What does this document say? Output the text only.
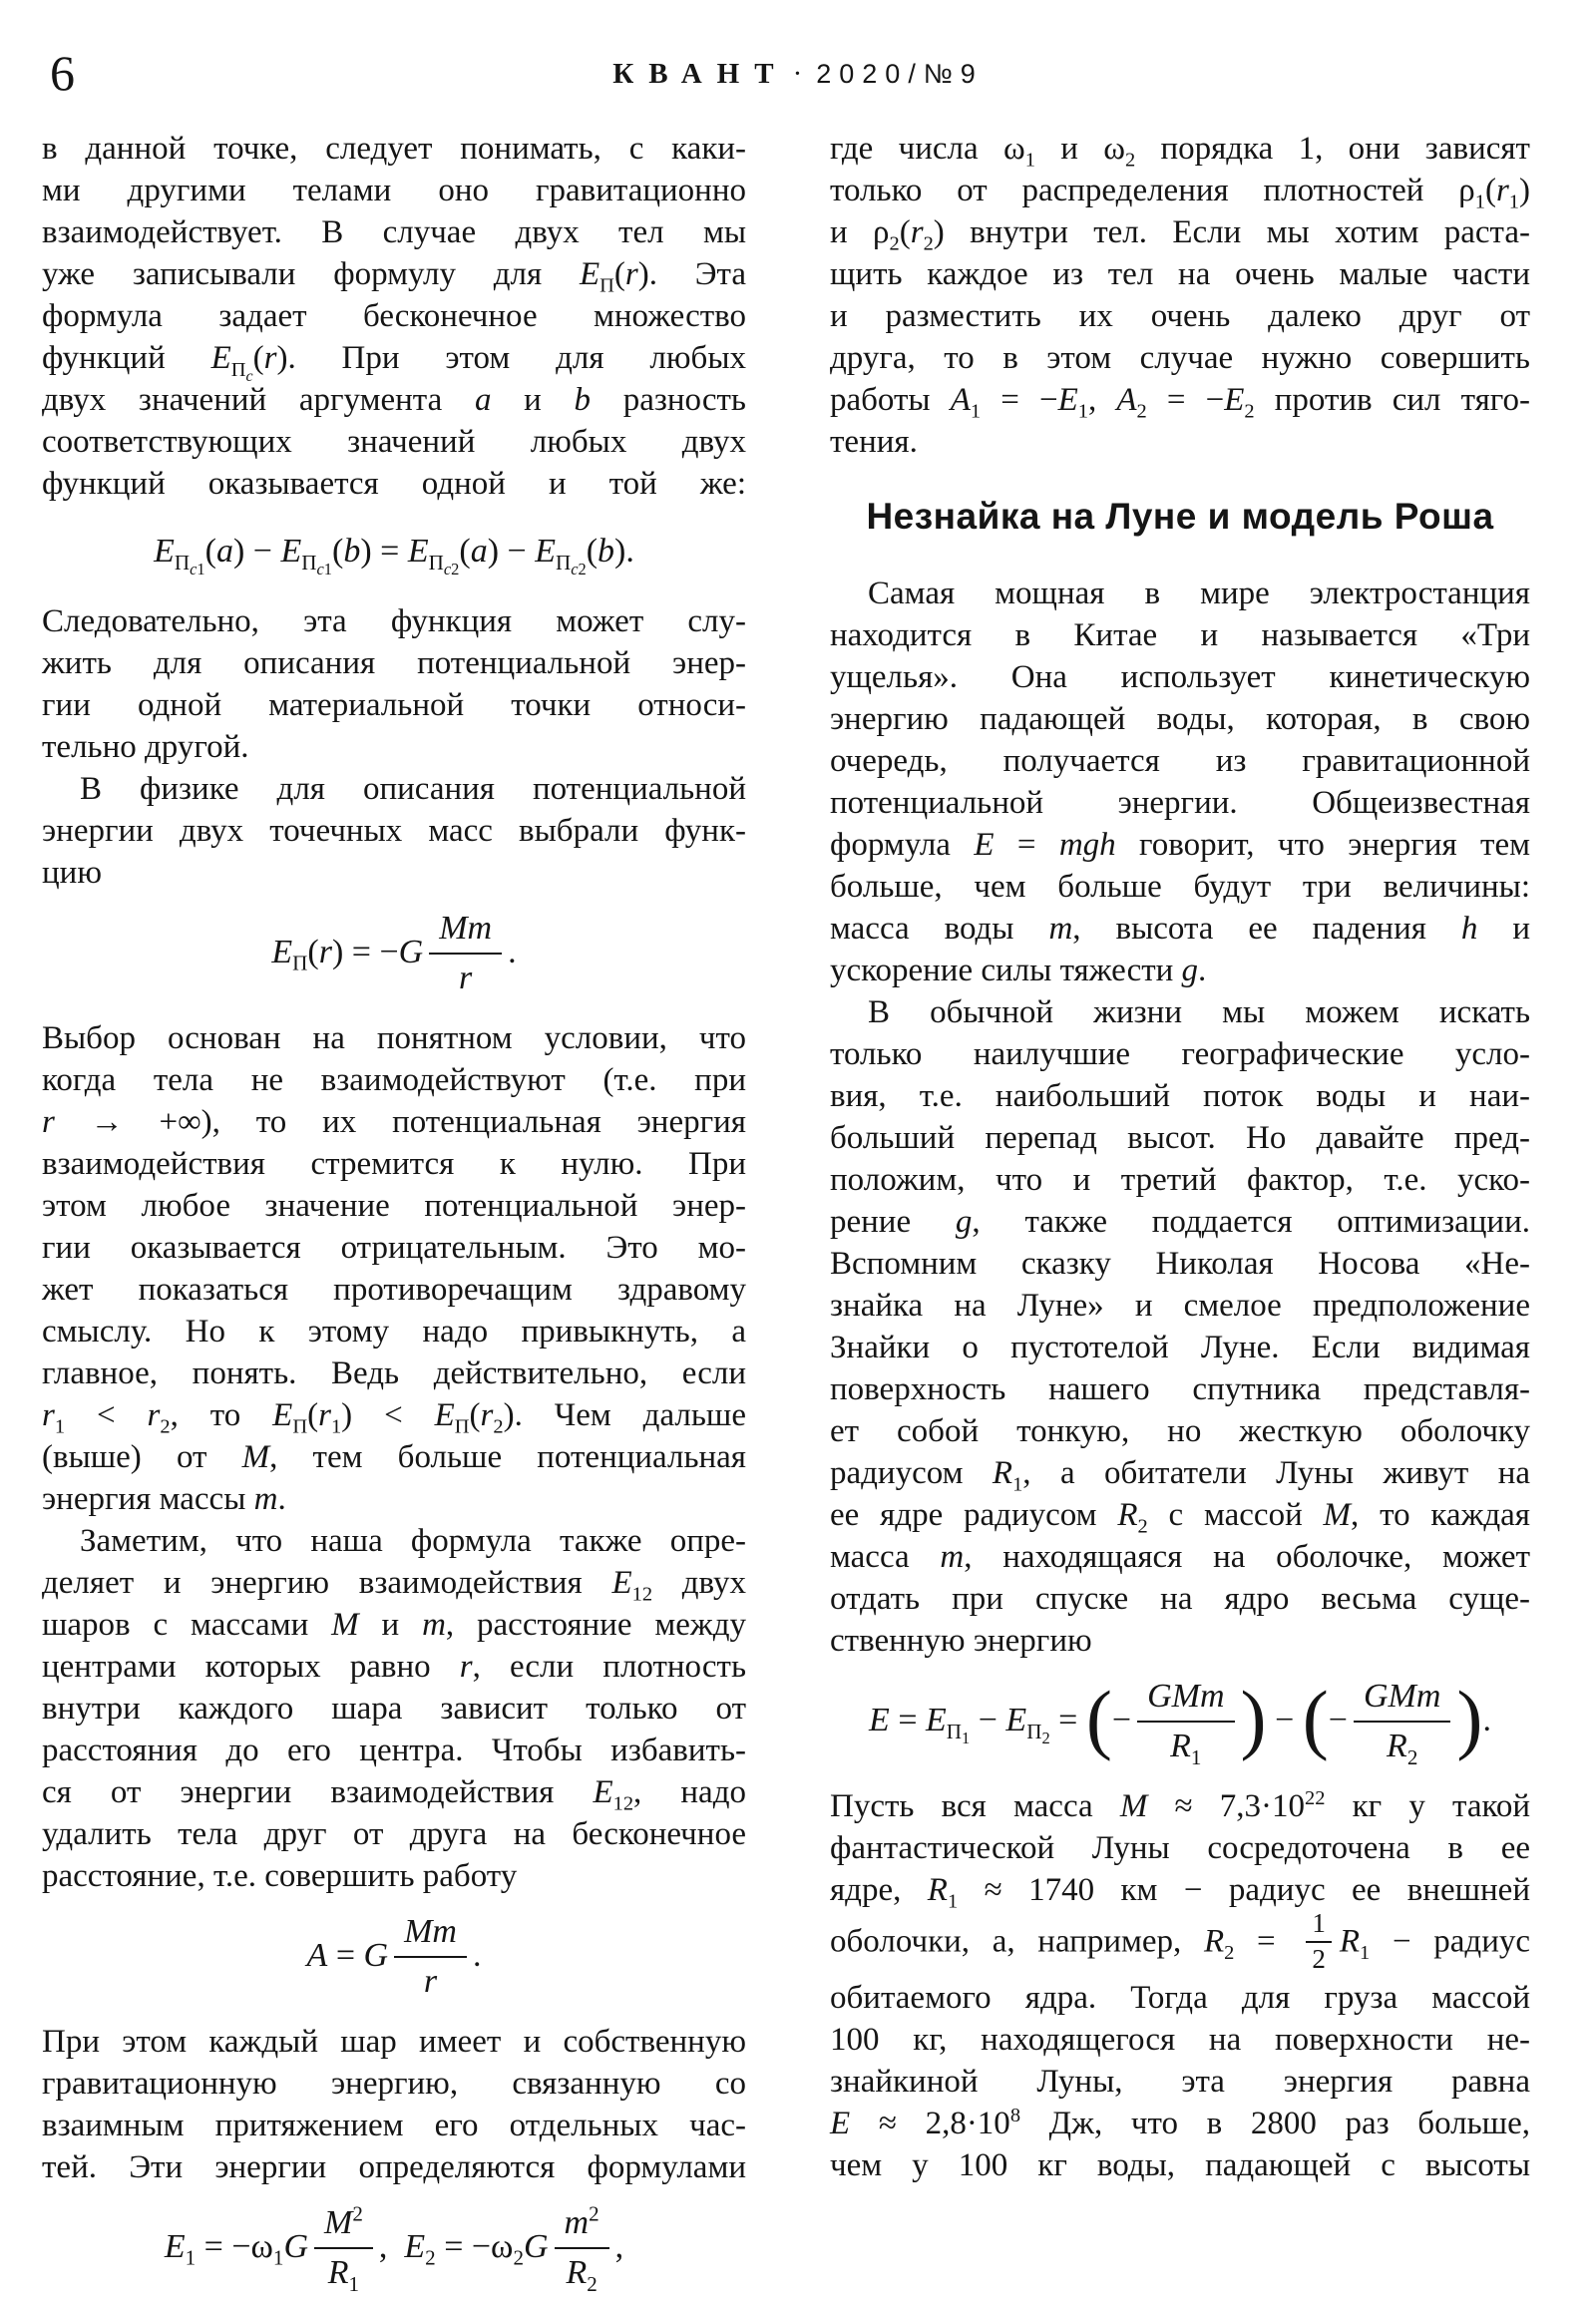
6	КВАНТ · 2020/№9
в данной точке, следует понимать, с каки-
ми другими телами оно гравитационно
взаимодействует. В случае двух тел мы
уже записывали формулу для $E_П(r)$. Эта
формула задает бесконечное множество
функций $E_{П_c}(r)$. При этом для любых
двух значений аргумента a и b разность
соответствующих значений любых двух
функций оказывается одной и той же:
$E_{П_{c1}}(a) - E_{П_{c1}}(b) = E_{П_{c2}}(a) - E_{П_{c2}}(b)$.
Следовательно, эта функция может слу-
жить для описания потенциальной энер-
гии одной материальной точки относи-
тельно другой.
В физике для описания потенциальной
энергии двух точечных масс выбрали функ-
цию
$E_П(r) = -G \frac{Mm}{r}$ .
Выбор основан на понятном условии, что
когда тела не взаимодействуют (т.е. при
r → +∞), то их потенциальная энергия
взаимодействия стремится к нулю. При
этом любое значение потенциальной энер-
гии оказывается отрицательным. Это мо-
жет показаться противоречащим здравому
смыслу. Но к этому надо привыкнуть, а
главное, понять. Ведь действительно, если
$r_1 < r_2$, то $E_П(r_1) < E_П(r_2)$. Чем дальше
(выше) от M, тем больше потенциальная
энергия массы m.
Заметим, что наша формула также опре-
деляет и энергию взаимодействия $E_{12}$ двух
шаров с массами M и m, расстояние между
центрами которых равно r, если плотность
внутри каждого шара зависит только от
расстояния до его центра. Чтобы избавить-
ся от энергии взаимодействия $E_{12}$, надо
удалить тела друг от друга на бесконечное
расстояние, т.е. совершить работу
A = G $\frac{Mm}{r}$ .
При этом каждый шар имеет и собственную
гравитационную энергию, связанную со
взаимным притяжением его отдельных час-
тей. Эти энергии определяются формулами
$E_1 = -\omega_1G \frac{M^2}{R_1}$ ,  $E_2 = -\omega_2G \frac{m^2}{R_2}$ ,
где числа $\omega_1$ и $\omega_2$ порядка 1, они зависят
только от распределения плотностей $\rho_1(r_1)$
и $\rho_2(r_2)$ внутри тел. Если мы хотим раста-
щить каждое из тел на очень малые части
и разместить их очень далеко друг от
друга, то в этом случае нужно совершить
работы $A_1 = -E_1$, $A_2 = -E_2$ против сил тяго-
тения.
Незнайка на Луне и модель Роша
Самая мощная в мире электростанция
находится в Китае и называется «Три
ущелья». Она использует кинетическую
энергию падающей воды, которая, в свою
очередь, получается из гравитационной
потенциальной энергии. Общеизвестная
формула E = mgh говорит, что энергия тем
больше, чем больше будут три величины:
масса воды m, высота ее падения h и
ускорение силы тяжести g.
В обычной жизни мы можем искать
только наилучшие географические усло-
вия, т.е. наибольший поток воды и наи-
больший перепад высот. Но давайте пред-
положим, что и третий фактор, т.е. уско-
рение g, также поддается оптимизации.
Вспомним сказку Николая Носова «Не-
знайка на Луне» и смелое предположение
Знайки о пустотелой Луне. Если видимая
поверхность нашего спутника представля-
ет собой тонкую, но жесткую оболочку
радиусом $R_1$, а обитатели Луны живут на
ее ядре радиусом $R_2$ с массой M, то каждая
масса m, находящаяся на оболочке, может
отдать при спуске на ядро весьма суще-
ственную энергию
$E = E_{П_1} - E_{П_2}$ = (−
GMm
$R_1$ ) − (−
GMm
$R_2$ ).
Пусть вся масса $M \approx 7,3\cdot 10^{22}$ кг у такой
фантастической Луны сосредоточена в ее
ядре, $R_1 \approx 1740$ км − радиус ее внешней
оболочки, а, например, $R_2 = \frac{1}{2} R_1$ − радиус
обитаемого ядра. Тогда для груза массой
100 кг, находящегося на поверхности не-
знайкиной Луны, эта энергия равна
$E \approx 2,8\cdot 10^8$ Дж, что в 2800 раз больше,
чем у 100 кг воды, падающей с высоты
